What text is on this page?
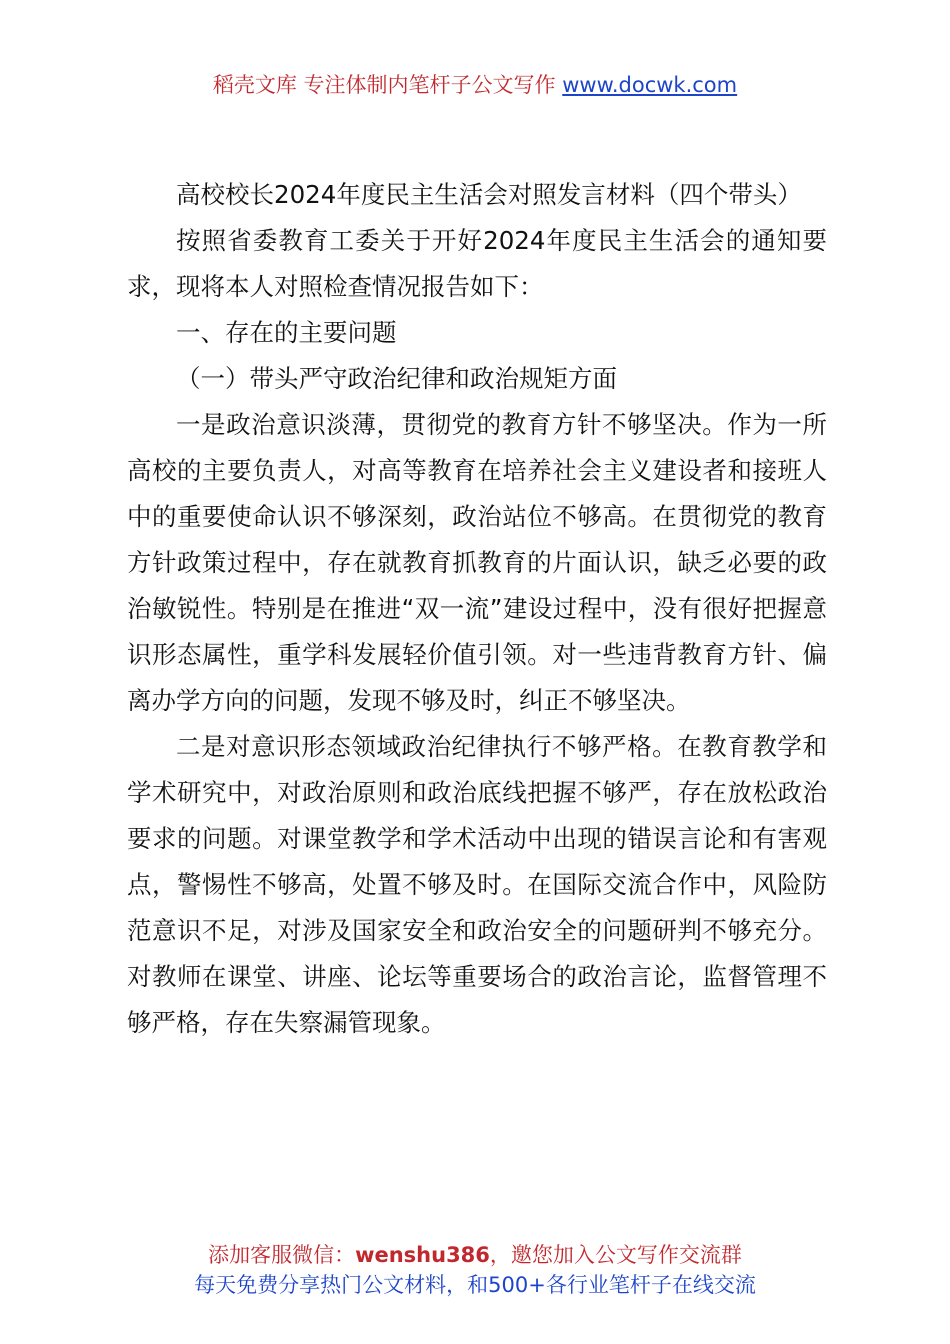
稻壳文库 专注体制内笔杆子公文写作 www.docwk.com

高校校长2024年度民主生活会对照发言材料（四个带头）

按照省委教育工委关于开好2024年度民主生活会的通知要求，现将本人对照检查情况报告如下：

一、存在的主要问题

（一）带头严守政治纪律和政治规矩方面

一是政治意识淡薄，贯彻党的教育方针不够坚决。作为一所高校的主要负责人，对高等教育在培养社会主义建设者和接班人中的重要使命认识不够深刻，政治站位不够高。在贯彻党的教育方针政策过程中，存在就教育抓教育的片面认识，缺乏必要的政治敏锐性。特别是在推进“双一流”建设过程中，没有很好把握意识形态属性，重学科发展轻价值引领。对一些违背教育方针、偏离办学方向的问题，发现不够及时，纠正不够坚决。

二是对意识形态领域政治纪律执行不够严格。在教育教学和学术研究中，对政治原则和政治底线把握不够严，存在放松政治要求的问题。对课堂教学和学术活动中出现的错误言论和有害观点，警惕性不够高，处置不够及时。在国际交流合作中，风险防范意识不足，对涉及国家安全和政治安全的问题研判不够充分。对教师在课堂、讲座、论坛等重要场合的政治言论，监督管理不够严格，存在失察漏管现象。

添加客服微信：wenshu386，邀您加入公文写作交流群
每天免费分享热门公文材料，和500+各行业笔杆子在线交流
